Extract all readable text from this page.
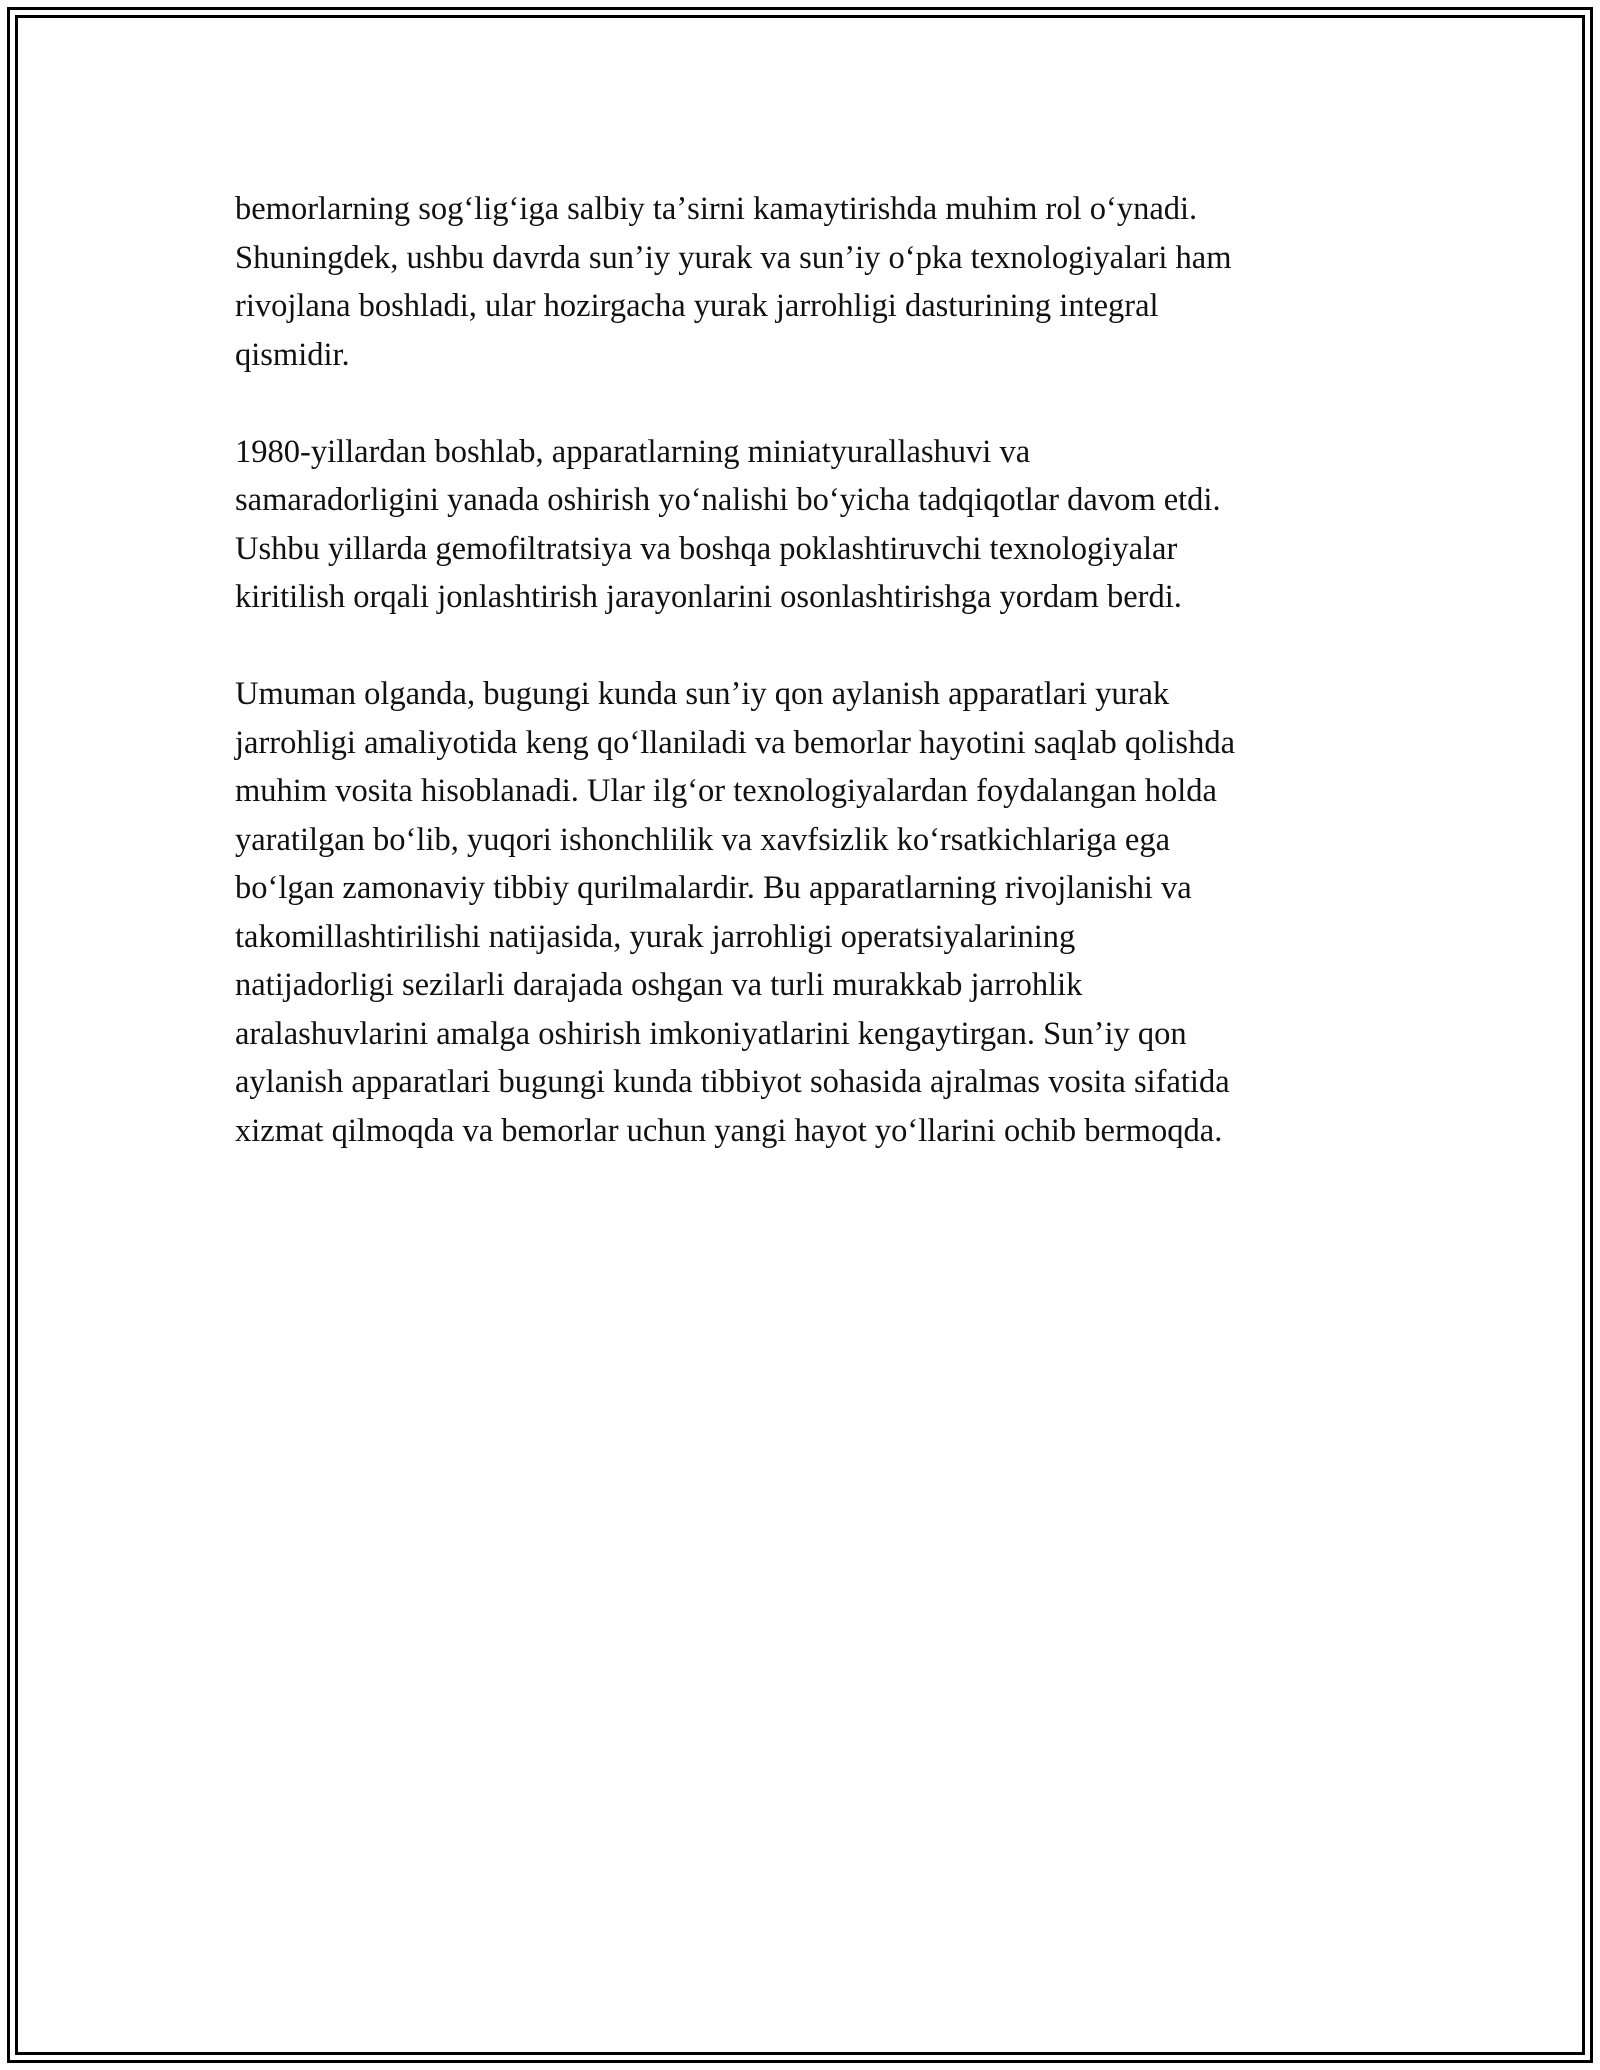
bemorlarning sogʻligʻiga salbiy taʼsirni kamaytirishda muhim rol oʻynadi.
Shuningdek, ushbu davrda sunʼiy yurak va sunʼiy oʻpka texnologiyalari ham
rivojlana boshladi, ular hozirgacha yurak jarrohligi dasturining integral
qismidir.

1980-yillardan boshlab, apparatlarning miniatyurallashuvi va
samaradorligini yanada oshirish yoʻnalishi boʻyicha tadqiqotlar davom etdi.
Ushbu yillarda gemofiltratsiya va boshqa poklashtiruvchi texnologiyalar
kiritilish orqali jonlashtirish jarayonlarini osonlashtirishga yordam berdi.

Umuman olganda, bugungi kunda sunʼiy qon aylanish apparatlari yurak
jarrohligi amaliyotida keng qoʻllaniladi va bemorlar hayotini saqlab qolishda
muhim vosita hisoblanadi. Ular ilgʻor texnologiyalardan foydalangan holda
yaratilgan boʻlib, yuqori ishonchlilik va xavfsizlik koʻrsatkichlariga ega
boʻlgan zamonaviy tibbiy qurilmalardir. Bu apparatlarning rivojlanishi va
takomillashtirilishi natijasida, yurak jarrohligi operatsiyalarining
natijadorligi sezilarli darajada oshgan va turli murakkab jarrohlik
aralashuvlarini amalga oshirish imkoniyatlarini kengaytirgan. Sunʼiy qon
aylanish apparatlari bugungi kunda tibbiyot sohasida ajralmas vosita sifatida
xizmat qilmoqda va bemorlar uchun yangi hayot yoʻllarini ochib bermoqda.
